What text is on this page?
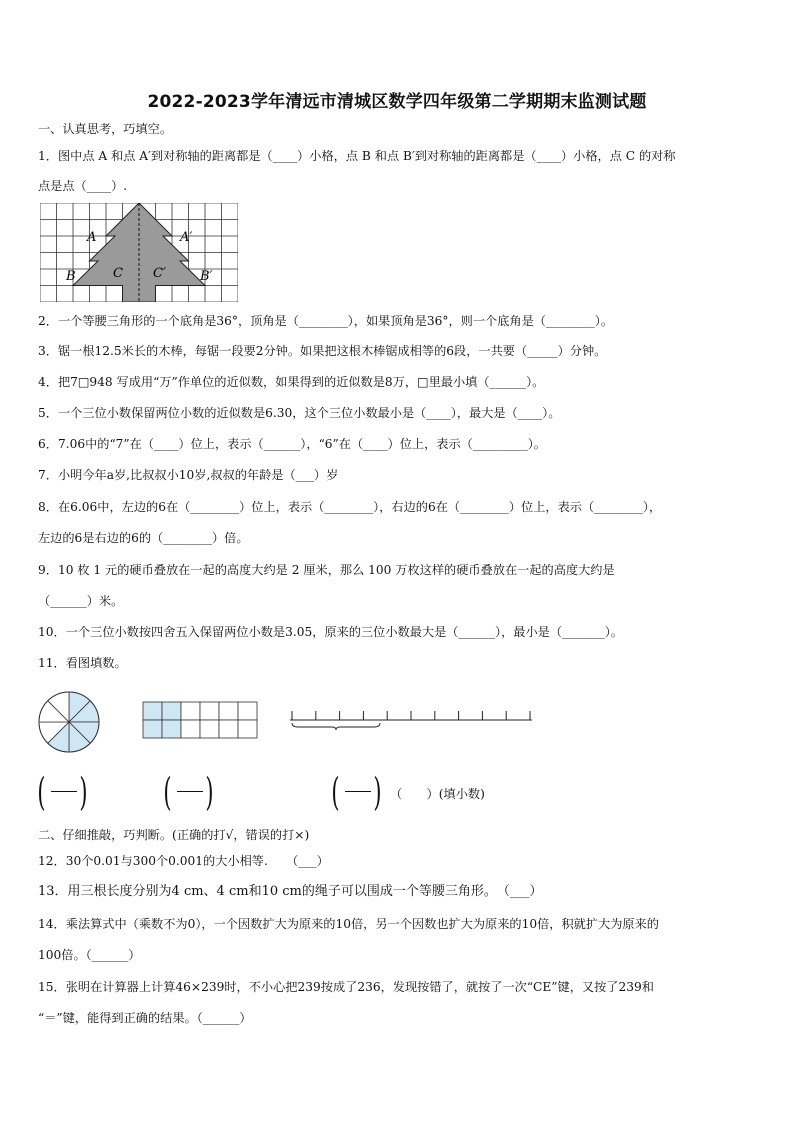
2022-2023学年清远市清城区数学四年级第二学期期末监测试题
一、认真思考，巧填空。
1．图中点 A 和点 A′到对称轴的距离都是（____）小格，点 B 和点 B′到对称轴的距离都是（____）小格，点 C 的对称
点是点（____）.
A	A′
B	B′
C C′
2．一个等腰三角形的一个底角是36°，顶角是（________），如果顶角是36°，则一个底角是（________）。
3．锯一根12.5米长的木棒，每锯一段要2分钟。如果把这根木棒锯成相等的6段，一共要（_____）分钟。
4．把7□948 写成用“万”作单位的近似数，如果得到的近似数是8万，□里最小填（______）。
5．一个三位小数保留两位小数的近似数是6.30，这个三位小数最小是（____），最大是（____）。
6．7.06中的“7”在（____）位上，表示（______），“6”在（____）位上，表示（_________）。
7．小明今年a岁,比叔叔小10岁,叔叔的年龄是（___）岁
8．在6.06中，左边的6在（________）位上，表示（________），右边的6在（________）位上，表示（________），
左边的6是右边的6的（________）倍。
9．10 枚 1 元的硬币叠放在一起的高度大约是 2 厘米，那么 100 万枚这样的硬币叠放在一起的高度大约是
（______）米。
10．一个三位小数按四舍五入保留两位小数是3.05，原来的三位小数最大是（______），最小是（_______）。
11．看图填数。
( ) ( )	( ) （　　）(填小数)
二、仔细推敲，巧判断。(正确的打√，错误的打×)
12．30个0.01与300个0.001的大小相等.　　（___）
13．用三根长度分别为4 cm、4 cm和10 cm的绳子可以围成一个等腰三角形。　（___）
14．乘法算式中（乘数不为0），一个因数扩大为原来的10倍，另一个因数也扩大为原来的10倍，积就扩大为原来的
100倍。（______）
15．张明在计算器上计算46×239时，不小心把239按成了236，发现按错了，就按了一次“CE”键，又按了239和
“＝”键，能得到正确的结果。（______）
